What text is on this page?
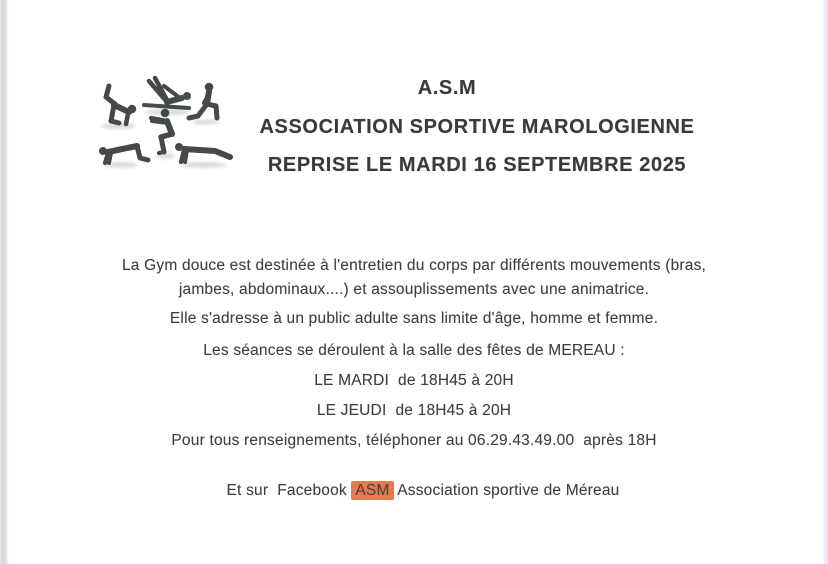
A.S.M
ASSOCIATION SPORTIVE MAROLOGIENNE
REPRISE LE MARDI 16 SEPTEMBRE 2025
La Gym douce est destinée à l'entretien du corps par différents mouvements (bras,
jambes, abdominaux....) et assouplissements avec une animatrice.
Elle s'adresse à un public adulte sans limite d'âge, homme et femme.
Les séances se déroulent à la salle des fêtes de MEREAU :
LE MARDI  de 18H45 à 20H
LE JEUDI  de 18H45 à 20H
Pour tous renseignements, téléphoner au 06.29.43.49.00  après 18H

Et sur  Facebook ASM Association sportive de Méreau
